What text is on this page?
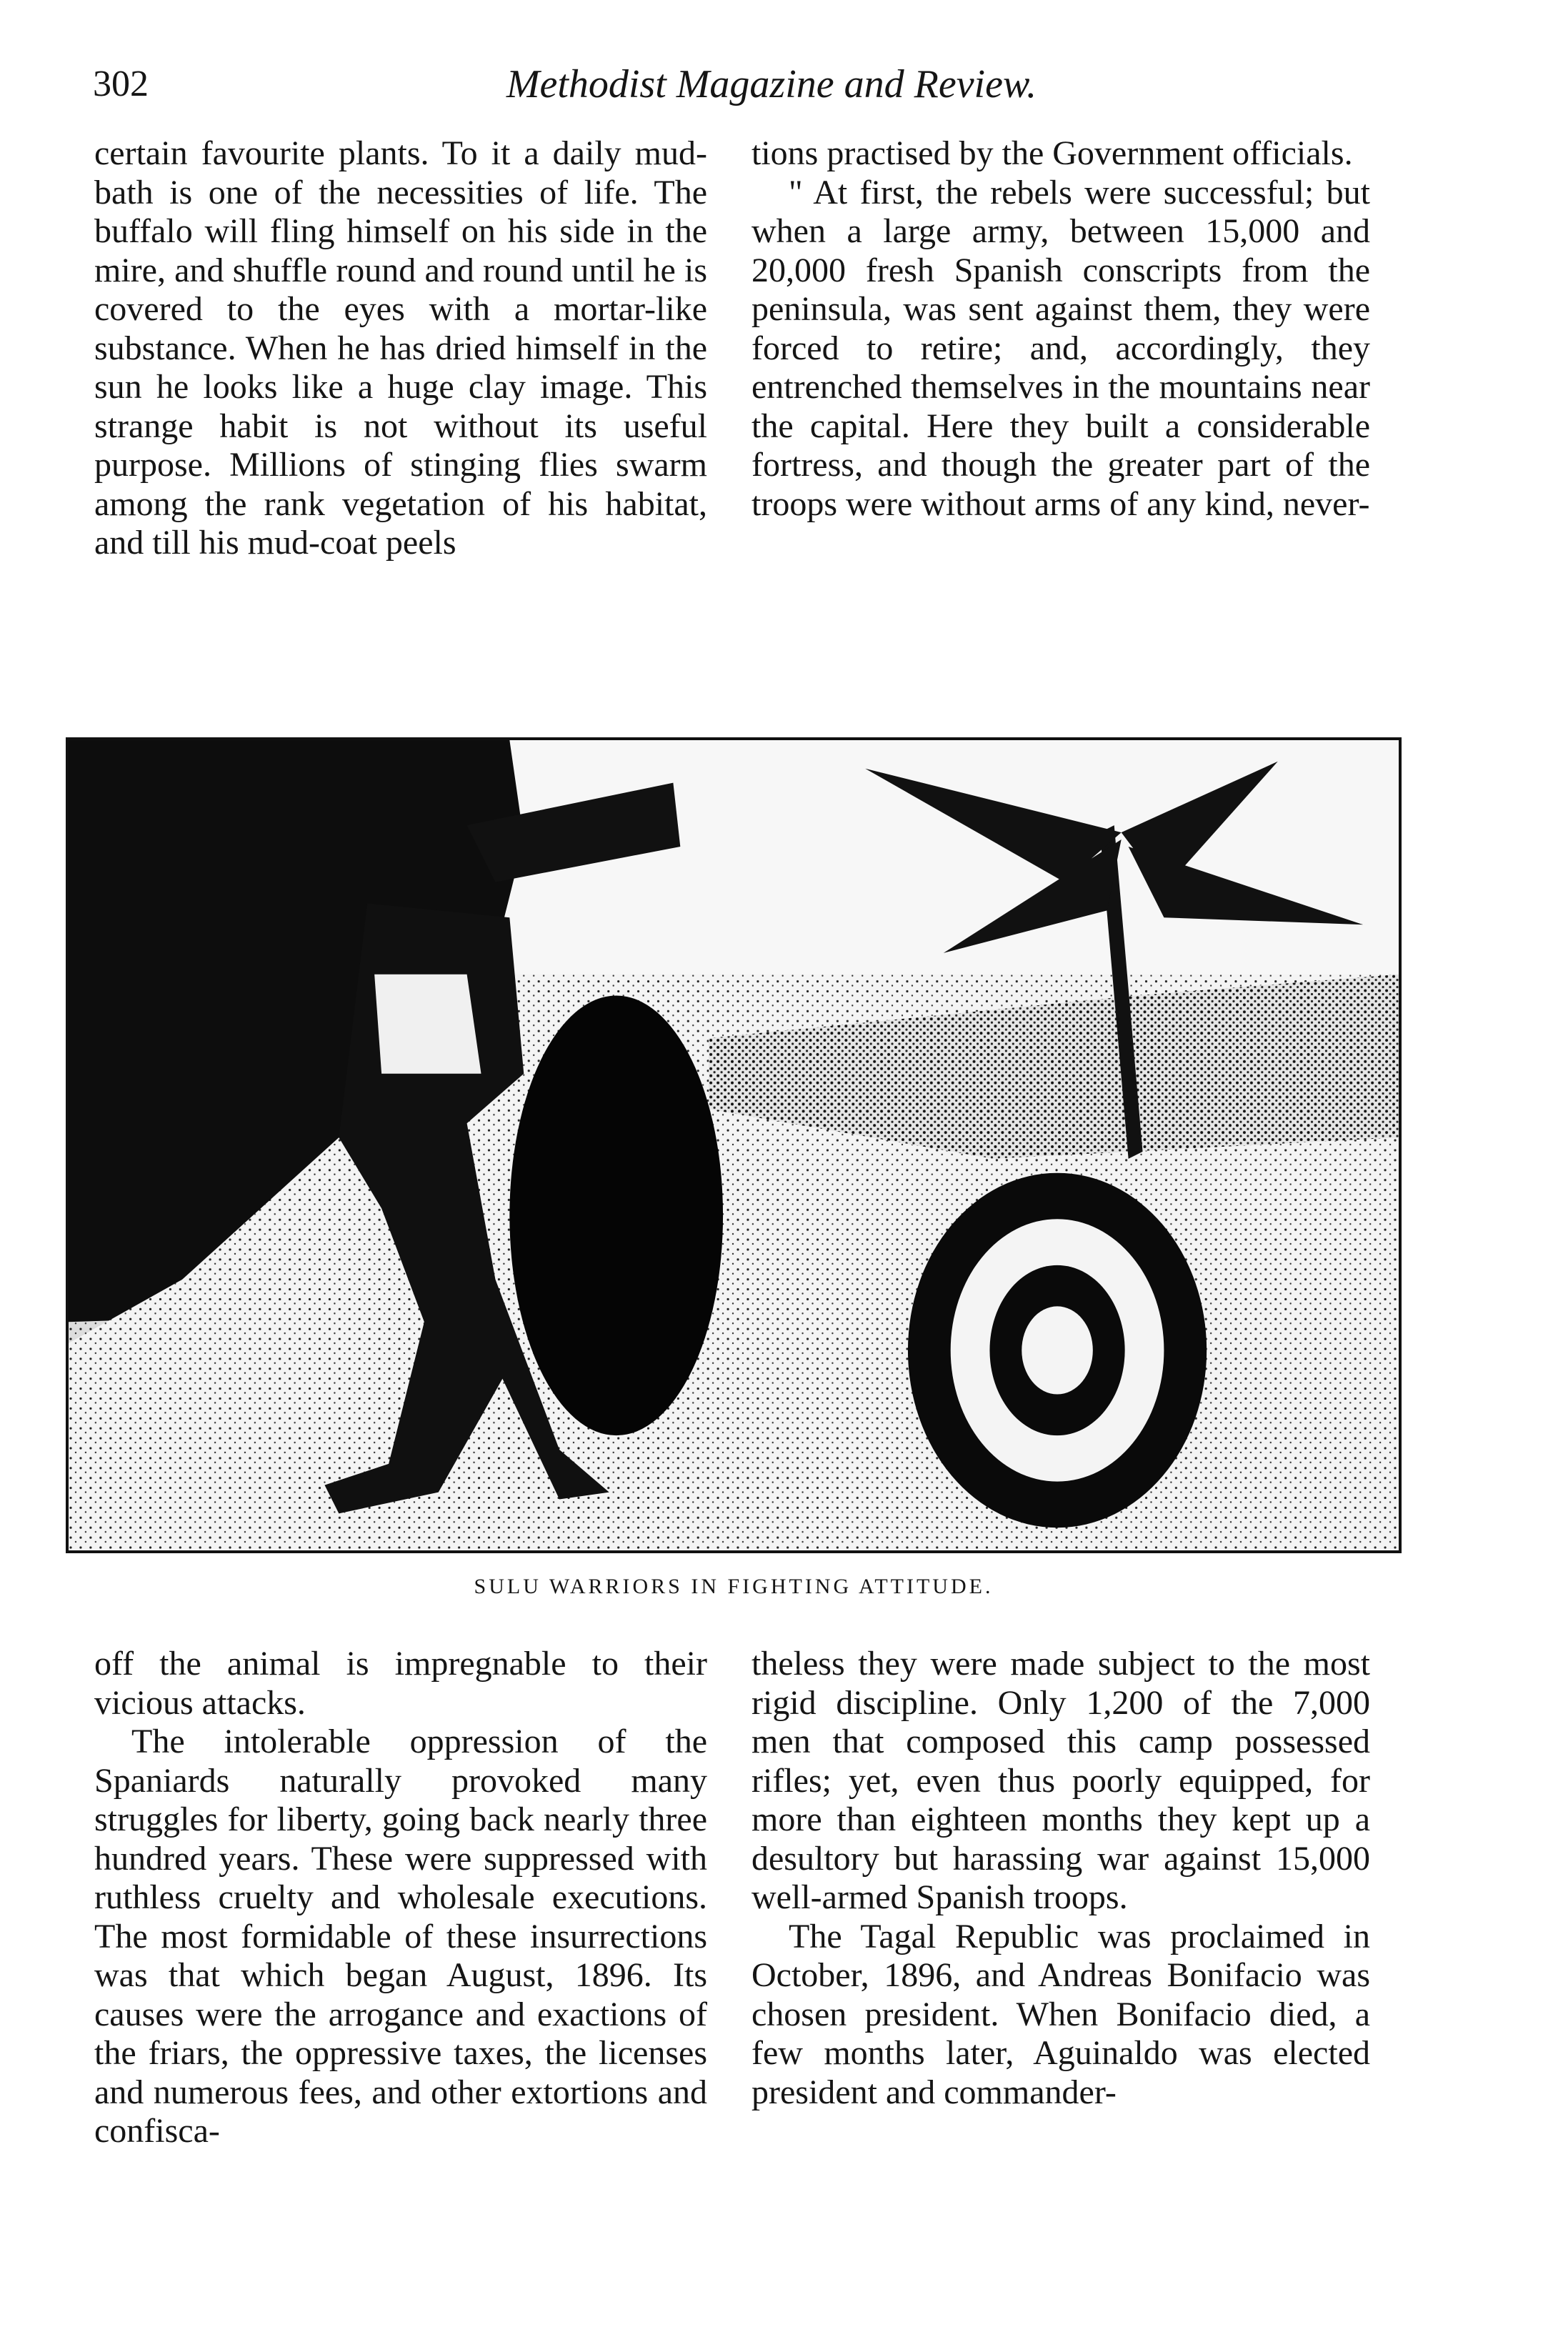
302	Methodist Magazine and Review.

certain favourite plants. To it a daily mud-bath is one of the necessities of life. The buffalo will fling himself on his side in the mire, and shuffle round and round until he is covered to the eyes with a mortar-like substance. When he has dried himself in the sun he looks like a huge clay image. This strange habit is not without its useful purpose. Millions of stinging flies swarm among the rank vegetation of his habitat, and till his mud-coat peels

tions practised by the Government officials.

" At first, the rebels were successful; but when a large army, between 15,000 and 20,000 fresh Spanish conscripts from the peninsula, was sent against them, they were forced to retire; and, accordingly, they entrenched themselves in the mountains near the capital. Here they built a considerable fortress, and though the greater part of the troops were without arms of any kind, never-

SULU WARRIORS IN FIGHTING ATTITUDE.

off the animal is impregnable to their vicious attacks.

The intolerable oppression of the Spaniards naturally provoked many struggles for liberty, going back nearly three hundred years. These were suppressed with ruthless cruelty and wholesale executions. The most formidable of these insurrections was that which began August, 1896. Its causes were the arrogance and exactions of the friars, the oppressive taxes, the licenses and numerous fees, and other extortions and confisca-

theless they were made subject to the most rigid discipline. Only 1,200 of the 7,000 men that composed this camp possessed rifles; yet, even thus poorly equipped, for more than eighteen months they kept up a desultory but harassing war against 15,000 well-armed Spanish troops.

The Tagal Republic was proclaimed in October, 1896, and Andreas Bonifacio was chosen president. When Bonifacio died, a few months later, Aguinaldo was elected president and commander-
